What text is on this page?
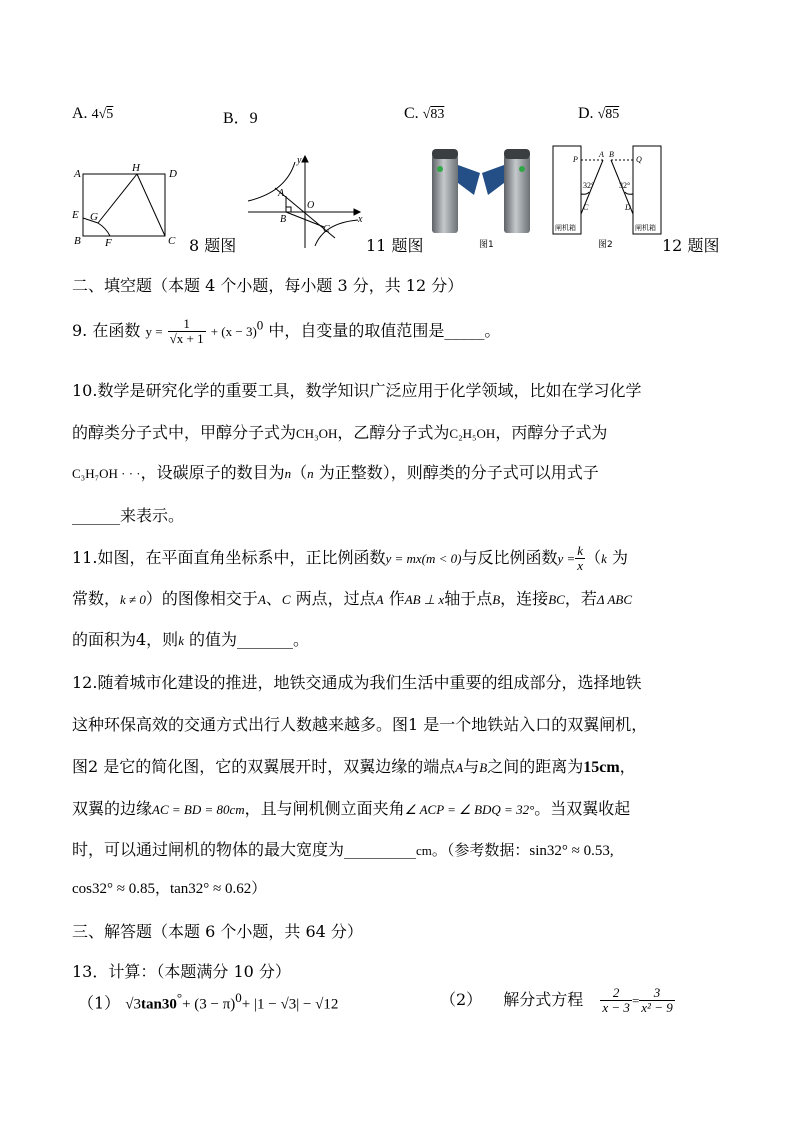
A. 4√5	B．9	C. √83	D. √85
A	H	D
E G
B F	C 8 题图
y
A
O
B
C
x
11 题图	图1
P
A B
Q
C	D
32°	32°
闸机箱	闸机箱
图2	12 题图
二、填空题（本题 4 个小题，每小题 3 分，共 12 分）
9. 在函数 $y = \frac{1}{√x + 1} + (x - 3)^0$ 中，自变量的取值范围是_____。
10.数学是研究化学的重要工具，数学知识广泛应用于化学领域，比如在学习化学
的醇类分子式中，甲醇分子式为CH₃OH，乙醇分子式为C₂H₅OH，丙醇分子式为
C₃H₇OH · · ·，设碳原子的数目为n（n 为正整数），则醇类的分子式可以用式子
______来表示。
11.如图，在平面直角坐标系中，正比例函数y = mx(m < 0)与反比例函数$y = \frac{k}{x} (k$ 为
常数，k ≠ 0）的图像相交于A、C 两点，过点A 作AB ⊥ x轴于点B，连接BC，若Δ ABC
的面积为4，则k 的值为_______。
12.随着城市化建设的推进，地铁交通成为我们生活中重要的组成部分，选择地铁
这种环保高效的交通方式出行人数越来越多。图1 是一个地铁站入口的双翼闸机，
图2 是它的简化图，它的双翼展开时，双翼边缘的端点A与B之间的距离为15cm，
双翼的边缘AC = BD = 80cm，且与闸机侧立面夹角∠ ACP = ∠ BDQ = 32°。当双翼收起
时，可以通过闸机的物体的最大宽度为_________cm。（参考数据：sin32° ≈ 0.53,
cos32° ≈ 0.85，tan32° ≈ 0.62）
三、解答题（本题 6 个小题，共 64 分）
13．计算：（本题满分 10 分）
（1） $√3\tan 30^\circ+ (3 - \pi)^0+ |1 - √3| - √12$	（2） 解分式方程 $\frac{2}{x - 3} = \frac{3}{\text{x² − 9}}$
